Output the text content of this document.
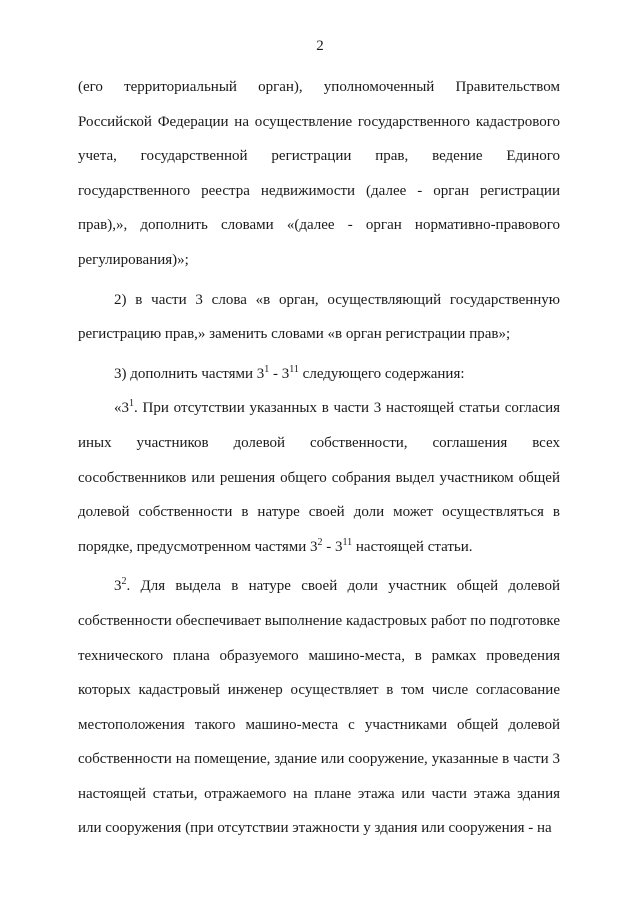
2

(его территориальный орган), уполномоченный Правительством Российской Федерации на осуществление государственного кадастрового учета, государственной регистрации прав, ведение Единого государственного реестра недвижимости (далее - орган регистрации прав),», дополнить словами «(далее - орган нормативно-правового регулирования)»;

2) в части 3 слова «в орган, осуществляющий государственную регистрацию прав,» заменить словами «в орган регистрации прав»;

3) дополнить частями $3^1 - 3^{11}$ следующего содержания:

«$3^1$. При отсутствии указанных в части 3 настоящей статьи согласия иных участников долевой собственности, соглашения всех сособственников или решения общего собрания выдел участником общей долевой собственности в натуре своей доли может осуществляться в порядке, предусмотренном частями $3^2 - 3^{11}$ настоящей статьи.

$3^2$. Для выдела в натуре своей доли участник общей долевой собственности обеспечивает выполнение кадастровых работ по подготовке технического плана образуемого машино-места, в рамках проведения которых кадастровый инженер осуществляет в том числе согласование местоположения такого машино-места с участниками общей долевой собственности на помещение, здание или сооружение, указанные в части 3 настоящей статьи, отражаемого на плане этажа или части этажа здания или сооружения (при отсутствии этажности у здания или сооружения - на
